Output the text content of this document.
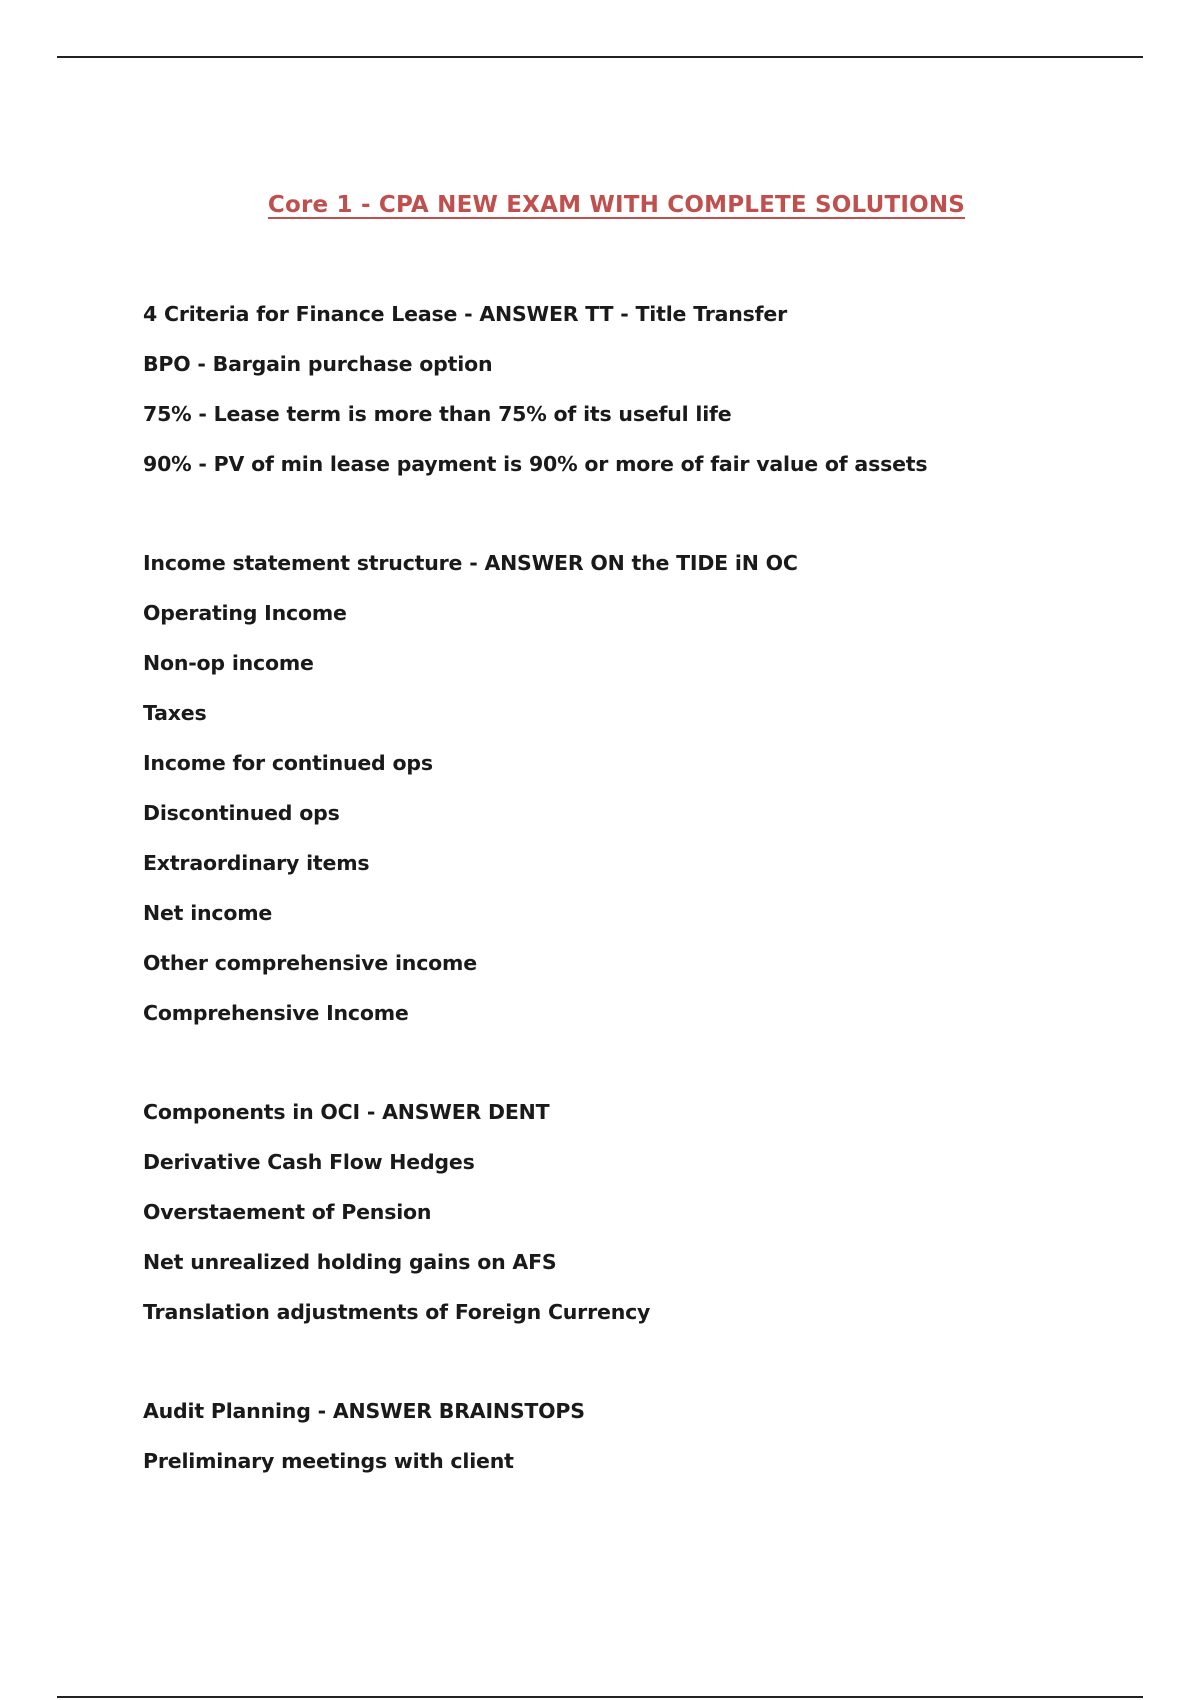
Core 1 - CPA NEW EXAM WITH COMPLETE SOLUTIONS
4 Criteria for Finance Lease - ANSWER TT - Title Transfer
BPO - Bargain purchase option
75% - Lease term is more than 75% of its useful life
90% - PV of min lease payment is 90% or more of fair value of assets
Income statement structure - ANSWER ON the TIDE iN OC
Operating Income
Non-op income
Taxes
Income for continued ops
Discontinued ops
Extraordinary items
Net income
Other comprehensive income
Comprehensive Income
Components in OCI - ANSWER DENT
Derivative Cash Flow Hedges
Overstaement of Pension
Net unrealized holding gains on AFS
Translation adjustments of Foreign Currency
Audit Planning - ANSWER BRAINSTOPS
Preliminary meetings with client
